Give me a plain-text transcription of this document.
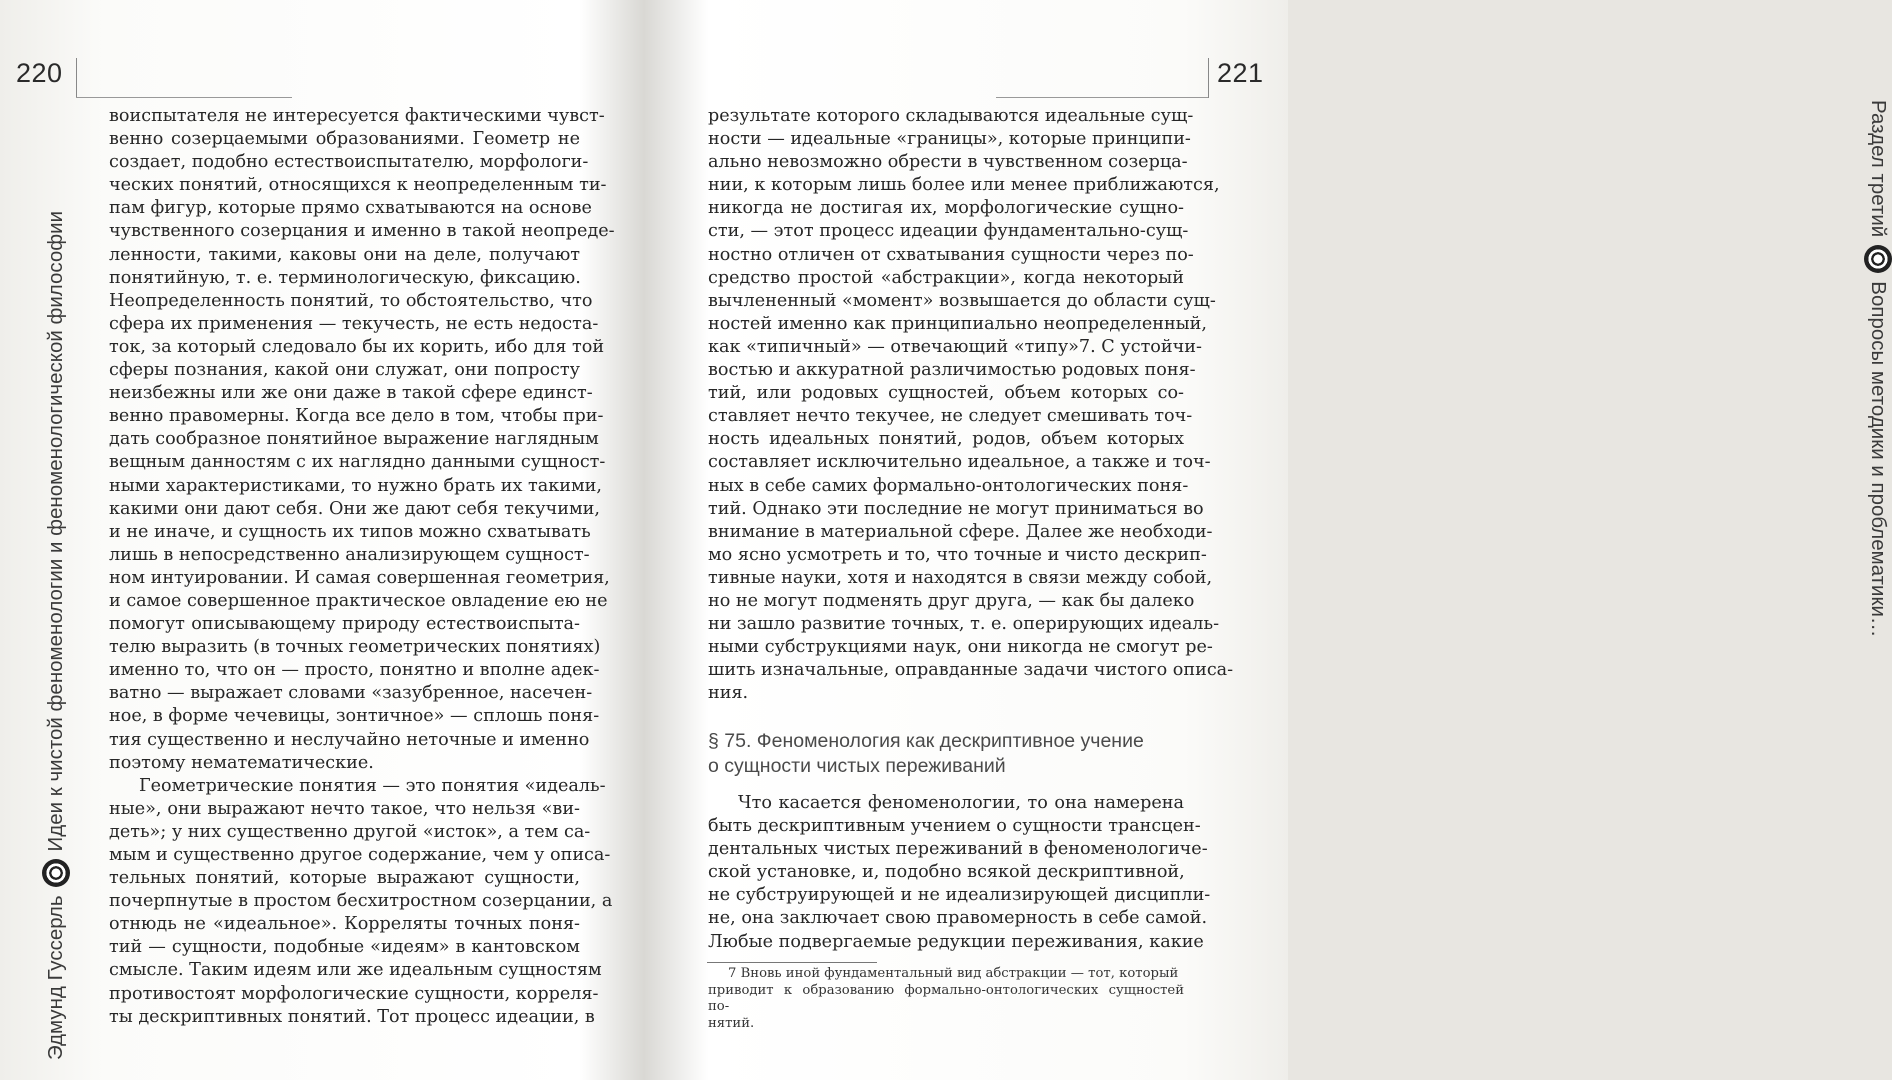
220
Эдмунд Гуссерль
Идеи к чистой феноменологии и феноменологической философии
воиспытателя не интересуется фактическими чувст-
венно созерцаемыми образованиями. Геометр не
создает, подобно естествоиспытателю, морфологи-
ческих понятий, относящихся к неопределенным ти-
пам фигур, которые прямо схватываются на основе
чувственного созерцания и именно в такой неопреде-
ленности, такими, каковы они на деле, получают
понятийную, т. е. терминологическую, фиксацию.
Неопределенность понятий, то обстоятельство, что
сфера их применения — текучесть, не есть недоста-
ток, за который следовало бы их корить, ибо для той
сферы познания, какой они служат, они попросту
неизбежны или же они даже в такой сфере единст-
венно правомерны. Когда все дело в том, чтобы при-
дать сообразное понятийное выражение наглядным
вещным данностям с их наглядно данными сущност-
ными характеристиками, то нужно брать их такими,
какими они дают себя. Они же дают себя текучими,
и не иначе, и сущность их типов можно схватывать
лишь в непосредственно анализирующем сущност-
ном интуировании. И самая совершенная геометрия,
и самое совершенное практическое овладение ею не
помогут описывающему природу естествоиспыта-
телю выразить (в точных геометрических понятиях)
именно то, что он — просто, понятно и вполне адек-
ватно — выражает словами «зазубренное, насечен-
ное, в форме чечевицы, зонтичное» — сплошь поня-
тия существенно и неслучайно неточные и именно
поэтому нематематические.
Геометрические понятия — это понятия «идеаль-
ные», они выражают нечто такое, что нельзя «ви-
деть»; у них существенно другой «исток», а тем са-
мым и существенно другое содержание, чем у описа-
тельных понятий, которые выражают сущности,
почерпнутые в простом бесхитростном созерцании, а
отнюдь не «идеальное». Корреляты точных поня-
тий — сущности, подобные «идеям» в кантовском
смысле. Таким идеям или же идеальным сущностям
противостоят морфологические сущности, корреля-
ты дескриптивных понятий. Тот процесс идеации, в
221
Раздел третий
Вопросы методики и проблематики…
результате которого складываются идеальные сущ-
ности — идеальные «границы», которые принципи-
ально невозможно обрести в чувственном созерца-
нии, к которым лишь более или менее приближаются,
никогда не достигая их, морфологические сущно-
сти, — этот процесс идеации фундаментально-сущ-
ностно отличен от схватывания сущности через по-
средство простой «абстракции», когда некоторый
вычлененный «момент» возвышается до области сущ-
ностей именно как принципиально неопределенный,
как «типичный» — отвечающий «типу»7. С устойчи-
востью и аккуратной различимостью родовых поня-
тий, или родовых сущностей, объем которых со-
ставляет нечто текучее, не следует смешивать точ-
ность идеальных понятий, родов, объем которых
составляет исключительно идеальное, а также и точ-
ных в себе самих формально-онтологических поня-
тий. Однако эти последние не могут приниматься во
внимание в материальной сфере. Далее же необходи-
мо ясно усмотреть и то, что точные и чисто дескрип-
тивные науки, хотя и находятся в связи между собой,
но не могут подменять друг друга, — как бы далеко
ни зашло развитие точных, т. е. оперирующих идеаль-
ными субструкциями наук, они никогда не смогут ре-
шить изначальные, оправданные задачи чистого описа-
ния.
§ 75. Феноменология как дескриптивное учение
о сущности чистых переживаний
Что касается феноменологии, то она намерена
быть дескриптивным учением о сущности трансцен-
дентальных чистых переживаний в феноменологиче-
ской установке, и, подобно всякой дескриптивной,
не субструирующей и не идеализирующей дисципли-
не, она заключает свою правомерность в себе самой.
Любые подвергаемые редукции переживания, какие
7 Вновь иной фундаментальный вид абстракции — тот, который
приводит к образованию формально-онтологических сущностей по-
нятий.
